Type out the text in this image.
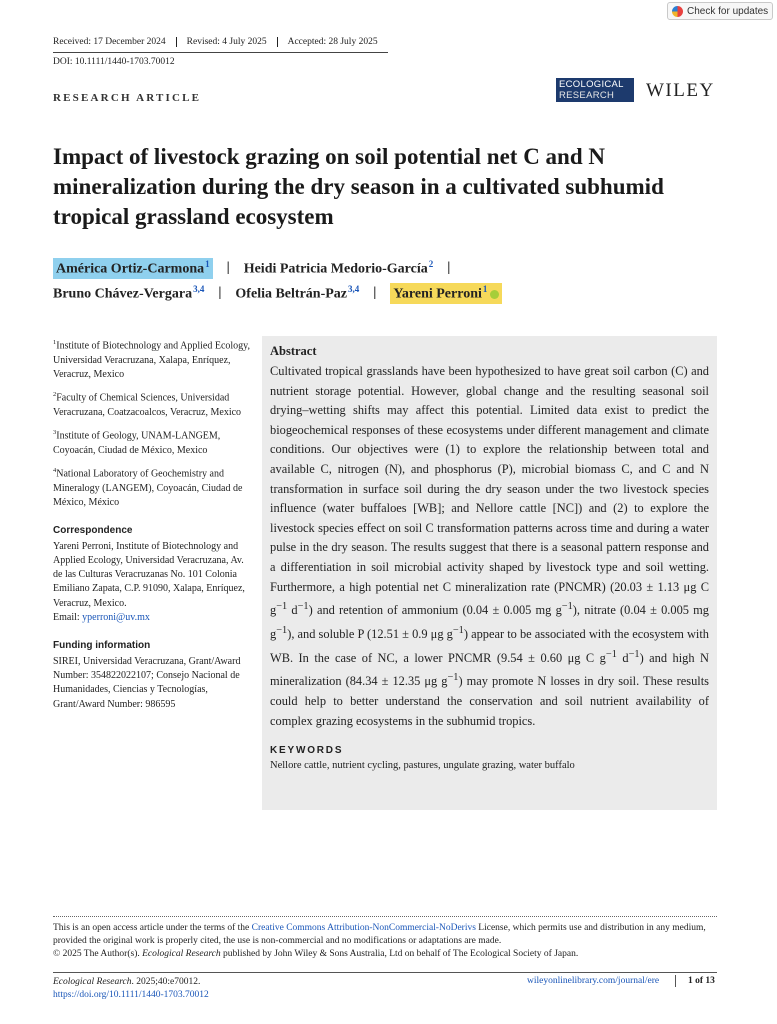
Check for updates
Received: 17 December 2024	Revised: 4 July 2025	Accepted: 28 July 2025
DOI: 10.1111/1440-1703.70012
RESEARCH ARTICLE
ECOLOGICAL
RESEARCH	WILEY
Impact of livestock grazing on soil potential net C and N mineralization during the dry season in a cultivated subhumid tropical grassland ecosystem
América Ortiz-Carmona$^1$ | Heidi Patricia Medorio-García$^2$ |
Bruno Chávez-Vergara$^{3,4}$ | Ofelia Beltrán-Paz$^{3,4}$ | Yareni Perroni$^1$

$^1$Institute of Biotechnology and Applied Ecology, Universidad Veracruzana, Xalapa, Enríquez, Veracruz, Mexico

$^2$Faculty of Chemical Sciences, Universidad Veracruzana, Coatzacoalcos, Veracruz, Mexico

$^3$Institute of Geology, UNAM-LANGEM, Coyoacán, Ciudad de México, Mexico

$^4$National Laboratory of Geochemistry and Mineralogy (LANGEM), Coyoacán, Ciudad de México, México

Correspondence

Yareni Perroni, Institute of Biotechnology and Applied Ecology, Universidad Veracruzana, Av. de las Culturas Veracruzanas No. 101 Colonia Emiliano Zapata, C.P. 91090, Xalapa, Enríquez, Veracruz, Mexico.
Email: yperroni@uv.mx

Funding information

SIREI, Universidad Veracruzana, Grant/Award Number: 354822022107; Consejo Nacional de Humanidades, Ciencias y Tecnologías, Grant/Award Number: 986595

Abstract

Cultivated tropical grasslands have been hypothesized to have great soil carbon (C) and nutrient storage potential. However, global change and the resulting seasonal soil drying–wetting shifts may affect this potential. Limited data exist to predict the biogeochemical responses of these ecosystems under different management and climate conditions. Our objectives were (1) to explore the relationship between total and available C, nitrogen (N), and phosphorus (P), microbial biomass C, and C and N transformation in surface soil during the dry season under the two livestock species influence (water buffaloes [WB]; and Nellore cattle [NC]) and (2) to explore the livestock species effect on soil C transformation patterns across time and during a water pulse in the dry season. The results suggest that there is a seasonal pattern response and a differentiation in soil microbial activity shaped by livestock type and soil wetting. Furthermore, a high potential net C mineralization rate (PNCMR) (20.03 ± 1.13 μg C $g^{-1}$ $d^{-1}$) and retention of ammonium (0.04 ± 0.005 mg $g^{-1}$), nitrate (0.04 ± 0.005 mg $g^{-1}$), and soluble P (12.51 ± 0.9 μg $g^{-1}$) appear to be associated with the ecosystem with WB. In the case of NC, a lower PNCMR (9.54 ± 0.60 μg C $g^{-1}$ $d^{-1}$) and high N mineralization (84.34 ± 12.35 μg $g^{-1}$) may promote N losses in dry soil. These results could help to better understand the conservation and soil nutrient availability of complex grazing ecosystems in the subhumid tropics.

KEYWORDS

Nellore cattle, nutrient cycling, pastures, ungulate grazing, water buffalo

This is an open access article under the terms of the Creative Commons Attribution-NonCommercial-NoDerivs License, which permits use and distribution in any medium, provided the original work is properly cited, the use is non-commercial and no modifications or adaptations are made.
© 2025 The Author(s). Ecological Research published by John Wiley & Sons Australia, Ltd on behalf of The Ecological Society of Japan.

Ecological Research. 2025;40:e70012.
https://doi.org/10.1111/1440-1703.70012
wileyonlinelibrary.com/journal/ere	1 of 13
